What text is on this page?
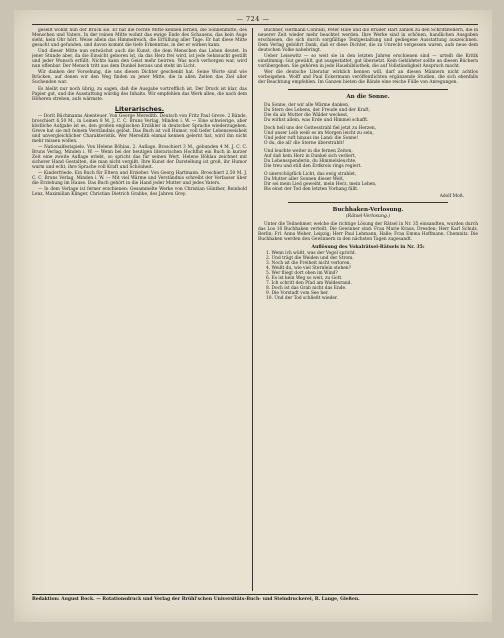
— 724 —

gesellt wohnt nun der Bruck sie. Er hat die rechte Mitte kennen lernen, die Sonnenmitte, des Menschen und Vaters. In der reinen Mitte wohnt das ewige Ende des Schauens, das kein Auge sieht, kein Ohr hört. Weise allein das Himmelreich, die Erfüllung aller Tage. Er hat diese Mitte gesucht und gefunden, und davon kommt die tiefe Erkenntnis, in der er wirken kann.

Und dieser Mitte nun entwächst auch die Kunst, die dem Menschen das Leben deutet. In jener Stunde aber, da die Einsicht geboren ist, da das Herz frei wird, ist jede Sehnsucht gestillt und jeder Wunsch erfüllt. Nichts kann den Geist mehr beirren. Was noch verborgen war, wird nun offenbar. Der Mensch tritt aus dem Dunkel heraus und steht im Licht.

Wir danken der Vorsehung, die uns diesen Dichter geschenkt hat. Seine Worte sind wie Brücken, auf denen wir den Weg finden zu jener Mitte, die in allen Zeiten das Ziel aller Suchenden war.

Es bleibt nur noch übrig, zu sagen, daß die Ausgabe vortrefflich ist. Der Druck ist klar, das Papier gut, und die Ausstattung würdig des Inhalts. Wir empfehlen das Werk allen, die nach dem Höheren streben, aufs wärmste.

Literarisches.

— Dorit Büchmanns Abenteuer. Von George Meredith. Deutsch von Fritz Paul Greve. 2 Bände, broschiert 6,50 M., in Leinen 8 M. J. C. C. Bruns Verlag, Minden i. W. — Eine schwierige, aber köstliche Aufgabe ist es, den großen englischen Erzähler in deutscher Sprache wiederzugeben. Greve hat sie mit feinem Verständnis gelöst. Das Buch ist voll Humor, voll tiefer Lebensweisheit und unvergleichlicher Charakteristik. Wer Meredith einmal kennen gelernt hat, wird ihn nicht mehr missen wollen.

— Nationalfestspiele. Von Helene Böhlau. 2. Auflage. Broschiert 3 M., gebunden 4 M. J. C. C. Bruns Verlag, Minden i. W. — Wenn bei der heutigen literarischen Hochflut ein Buch in kurzer Zeit eine zweite Auflage erlebt, so spricht das für seinen Wert. Helene Böhlau zeichnet mit sicherer Hand Gestalten, die man nicht vergißt. Ihre Kunst der Darstellung ist groß, ihr Humor warm und echt, ihre Sprache voll Kraft und Schönheit.

— Kinderfriede. Ein Buch für Eltern und Erzieher. Von Georg Hartmann. Broschiert 2,50 M. J. C. C. Bruns Verlag, Minden i. W. — Mit viel Wärme und Verständnis schreibt der Verfasser über die Erziehung im Hause. Das Buch gehört in die Hand jeder Mutter und jedes Vaters.

— In dem Verlage ist ferner erschienen: Gesammelte Werke von Christian Günther, Reinhold Lenz, Maximilian Klinger, Christian Dietrich Grabbe, des Jahren Grey.

Büchner, Hermann Conradi, Peter Hille und die Brüder Hart zählen zu den Schriftstellern, die in neuerer Zeit wieder mehr beachtet werden. Ihre Werke sind in schönen, handlichen Ausgaben erschienen, die sich durch sorgfältige Textgestaltung und gediegene Ausstattung auszeichnen. Dem Verlag gebührt Dank, daß er diese Dichter, die zu Unrecht vergessen waren, aufs neue dem deutschen Volke nahebringt.

Ueber Leisewitz — so weit sie in den letzten Jahren erschienen sind — urteilt die Kritik einstimmig: Gut gewählt, gut ausgestattet, gut übersetzt. Kein Gebildeter sollte an diesen Büchern vorübergehen. Sie gehören in jede Hausbibliothek, die auf Vollständigkeit Anspruch macht.

Wer die deutsche Literatur wirklich kennen will, darf an diesen Männern nicht achtlos vorbeigehen. Wolff und Paul Eckermann veröffentlichten ergänzende Studien, die sich ebenfalls der Beachtung empfehlen. Im Ganzen bieten die Bände eine reiche Fülle von Anregungen.

An die Sonne.
Du Sonne, der wir alle Wärme danken,
Du Stern des Lebens, der Freude und der Kraft,
Die du als Mutter die Wälder weckest,
Du wirkst allein, was Erde und Himmel schafft.
Doch hell uns der Gottesstrahl fiel jetzt zu Herzen,
Und unser Leib weiß es im Morgen leicht zu sein,
Und jeder ruft hinaus ins Land: die Sonne!
O du, die all' die Sterne überstrahlt!
Und leuchte weiter in die fernen Zeiten,
Auf daß kein Herz in Dunkel sich verliert,
Du Lebensspenderin, du Himmelsleuchte,
Die treu und still den Erdkreis rings regiert.
O unerschöpflich Licht, das ewig strahlet,
Du Mutter aller Sonnen dieser Welt,
Dir sei mein Lied geweiht, mein Herz, mein Leben,
Bis einst der Tod den letzten Vorhang fällt.
Adolf Moß.
Buchhaken-Verlosung.
(Rätsel-Verlosung.)

Unter die Teilnehmer, welche die richtige Lösung der Rätsel in Nr. 35 einsandten, wurden durch das Los 10 Buchhaken verteilt. Die Gewinner sind: Frau Marie Kraus, Dresden; Herr Karl Schulz, Berlin; Frl. Anna Weber, Leipzig; Herr Paul Lehmann, Halle; Frau Emma Hoffmann, Chemnitz. Die Buchhaken werden den Gewinnern in den nächsten Tagen zugesandt.

Auflösung des Vokalrätsel-Rätsels in Nr. 35:
1. Wenn ich wüßt, was der Vogel spricht.
2. Und trägt die Weiden und der Strom.
3. Noch ist die Freiheit nicht verloren.
4. Weißt du, wie viel Sternlein stehen?
5. Wer fliegt dort oben im Wind?
6. Es ist kein Weg so weit, zu Gott.
7. Ich schritt den Pfad am Waldesrand.
8. Doch ist das Grab nicht das Ende.
9. Die Vorstadt vom See her.
10. Und der Tod schließt wieder.
Redaktion: August Bock. — Rotationsdruck und Verlag der Brühl'schen Universitäts-Buch- und Steindruckerei, R. Lange, Gießen.
